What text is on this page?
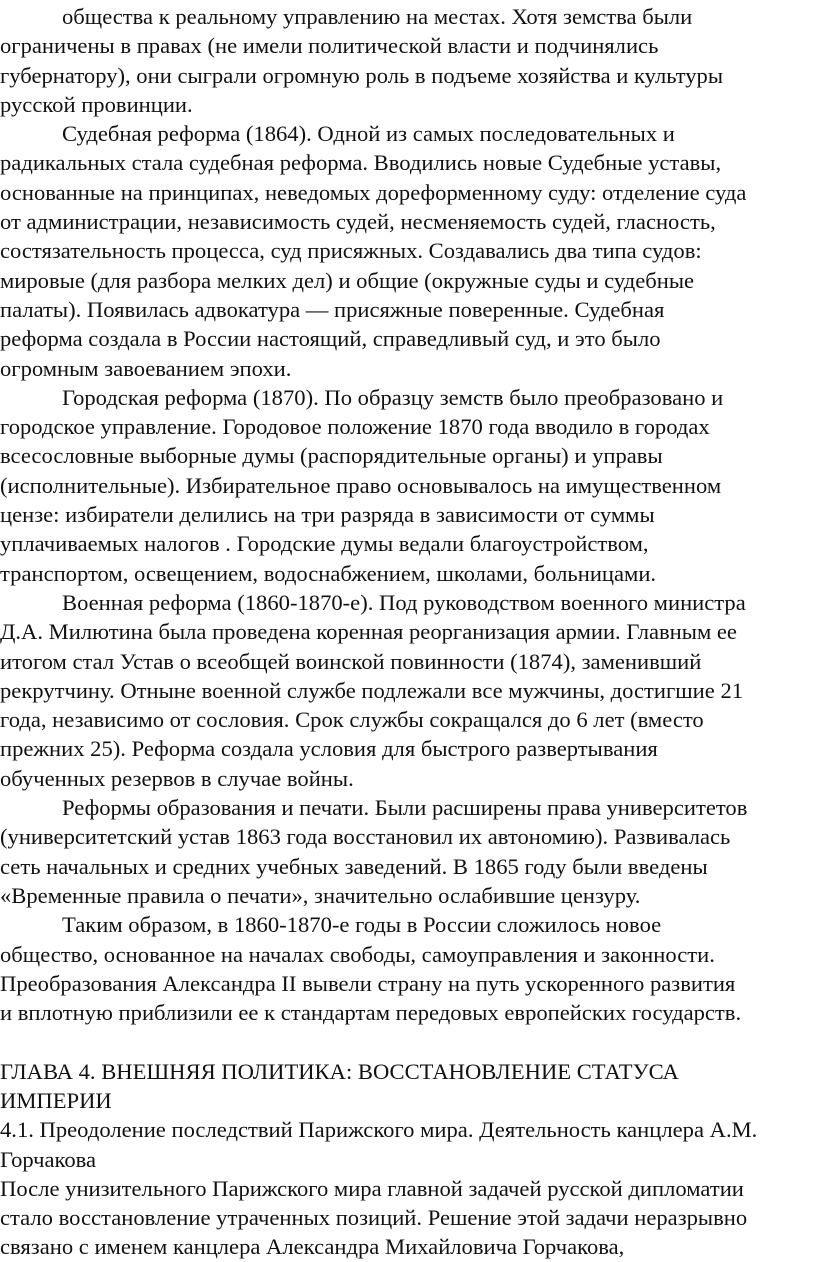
общества к реальному управлению на местах. Хотя земства были
ограничены в правах (не имели политической власти и подчинялись
губернатору), они сыграли огромную роль в подъеме хозяйства и культуры
русской провинции.
Судебная реформа (1864). Одной из самых последовательных и
радикальных стала судебная реформа. Вводились новые Судебные уставы,
основанные на принципах, неведомых дореформенному суду: отделение суда
от администрации, независимость судей, несменяемость судей, гласность,
состязательность процесса, суд присяжных. Создавались два типа судов:
мировые (для разбора мелких дел) и общие (окружные суды и судебные
палаты). Появилась адвокатура — присяжные поверенные. Судебная
реформа создала в России настоящий, справедливый суд, и это было
огромным завоеванием эпохи.
Городская реформа (1870). По образцу земств было преобразовано и
городское управление. Городовое положение 1870 года вводило в городах
всесословные выборные думы (распорядительные органы) и управы
(исполнительные). Избирательное право основывалось на имущественном
цензе: избиратели делились на три разряда в зависимости от суммы
уплачиваемых налогов . Городские думы ведали благоустройством,
транспортом, освещением, водоснабжением, школами, больницами.
Военная реформа (1860-1870-е). Под руководством военного министра
Д.А. Милютина была проведена коренная реорганизация армии. Главным ее
итогом стал Устав о всеобщей воинской повинности (1874), заменивший
рекрутчину. Отныне военной службе подлежали все мужчины, достигшие 21
года, независимо от сословия. Срок службы сокращался до 6 лет (вместо
прежних 25). Реформа создала условия для быстрого развертывания
обученных резервов в случае войны.
Реформы образования и печати. Были расширены права университетов
(университетский устав 1863 года восстановил их автономию). Развивалась
сеть начальных и средних учебных заведений. В 1865 году были введены
«Временные правила о печати», значительно ослабившие цензуру.
Таким образом, в 1860-1870-е годы в России сложилось новое
общество, основанное на началах свободы, самоуправления и законности.
Преобразования Александра II вывели страну на путь ускоренного развития
и вплотную приблизили ее к стандартам передовых европейских государств.
ГЛАВА 4. ВНЕШНЯЯ ПОЛИТИКА: ВОССТАНОВЛЕНИЕ СТАТУСА
ИМПЕРИИ
4.1. Преодоление последствий Парижского мира. Деятельность канцлера А.М.
Горчакова
После унизительного Парижского мира главной задачей русской дипломатии
стало восстановление утраченных позиций. Решение этой задачи неразрывно
связано с именем канцлера Александра Михайловича Горчакова,
